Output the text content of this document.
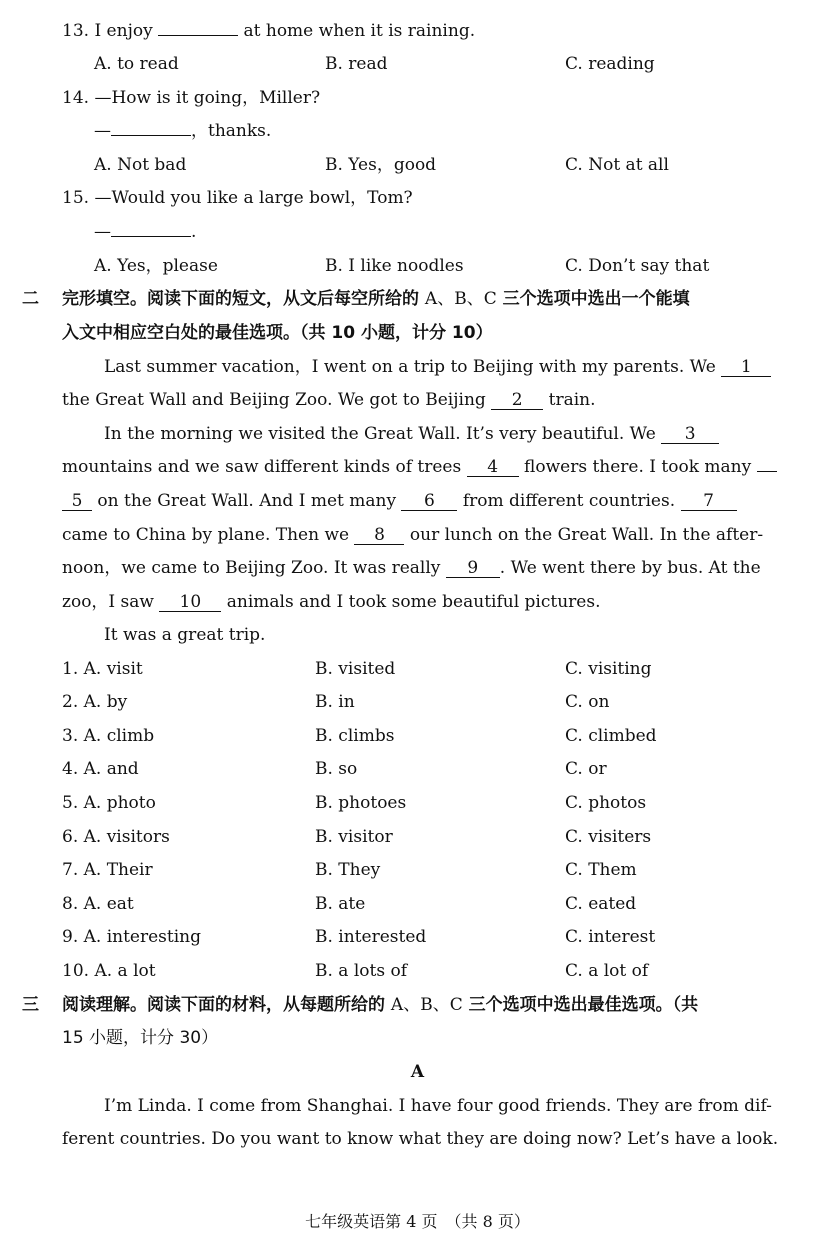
13. I enjoy	at home when it is raining.
A. to read	B. read	C. reading
14. —How is it going，Miller?
—	，thanks.
A. Not bad	B. Yes，good	C. Not at all
15. —Would you like a large bowl，Tom?
—	.
A. Yes，please	B. I like noodles	C. Don’t say that
二 完形填空。阅读下面的短文，从文后每空所给的 A、B、C 三个选项中选出一个能填
入文中相应空白处的最佳选项。（共 10 小题，计分 10）
Last summer vacation，I went on a trip to Beijing with my parents. We 1
the Great Wall and Beijing Zoo. We got to Beijing 2 train.
In the morning we visited the Great Wall. It’s very beautiful. We 3
mountains and we saw different kinds of trees 4 flowers there. I took many
5 on the Great Wall. And I met many 6 from different countries. 7
came to China by plane. Then we 8 our lunch on the Great Wall. In the after-
noon，we came to Beijing Zoo. It was really 9 . We went there by bus. At the
zoo，I saw 10 animals and I took some beautiful pictures.
It was a great trip.
1. A. visit	B. visited	C. visiting
2. A. by	B. in	C. on
3. A. climb	B. climbs	C. climbed
4. A. and	B. so	C. or
5. A. photo	B. photoes	C. photos
6. A. visitors	B. visitor	C. visiters
7. A. Their	B. They	C. Them
8. A. eat	B. ate	C. eated
9. A. interesting	B. interested	C. interest
10. A. a lot	B. a lots of	C. a lot of
三 阅读理解。阅读下面的材料，从每题所给的 A、B、C 三个选项中选出最佳选项。（共
15 小题，计分 30）
A
I’m Linda. I come from Shanghai. I have four good friends. They are from dif-
ferent countries. Do you want to know what they are doing now? Let’s have a look.
七年级英语第 4 页　（共 8 页）
